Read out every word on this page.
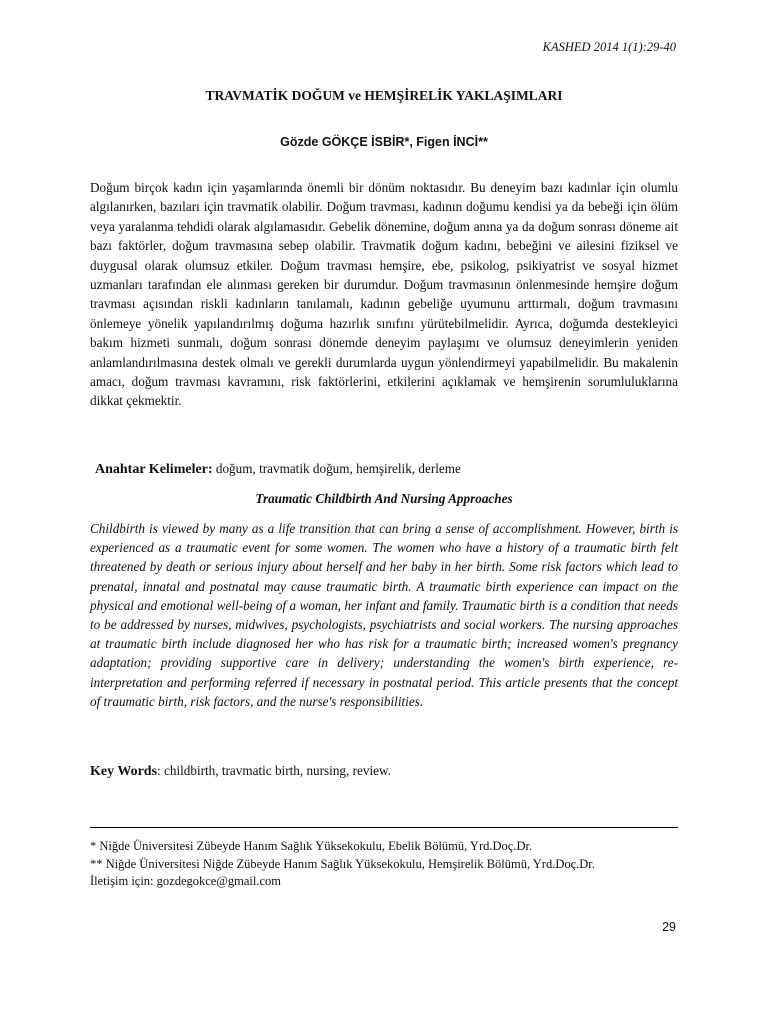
KASHED 2014 1(1):29-40
TRAVMATİK DOĞUM ve HEMŞİRELİK YAKLAŞIMLARI
Gözde GÖKÇE İSBİR*, Figen İNCİ**

Doğum birçok kadın için yaşamlarında önemli bir dönüm noktasıdır. Bu deneyim bazı kadınlar için olumlu algılanırken, bazıları için travmatik olabilir. Doğum travması, kadının doğumu kendisi ya da bebeği için ölüm veya yaralanma tehdidi olarak algılamasıdır. Gebelik dönemine, doğum anına ya da doğum sonrası döneme ait bazı faktörler, doğum travmasına sebep olabilir. Travmatik doğum kadını, bebeğini ve ailesini fiziksel ve duygusal olarak olumsuz etkiler. Doğum travması hemşire, ebe, psikolog, psikiyatrist ve sosyal hizmet uzmanları tarafından ele alınması gereken bir durumdur. Doğum travmasının önlenmesinde hemşire doğum travması açısından riskli kadınların tanılamalı, kadının gebeliğe uyumunu arttırmalı, doğum travmasını önlemeye yönelik yapılandırılmış doğuma hazırlık sınıfını yürütebilmelidir. Ayrıca, doğumda destekleyici bakım hizmeti sunmalı, doğum sonrası dönemde deneyim paylaşımı ve olumsuz deneyimlerin yeniden anlamlandırılmasına destek olmalı ve gerekli durumlarda uygun yönlendirmeyi yapabilmelidir. Bu makalenin amacı, doğum travması kavramını, risk faktörlerini, etkilerini açıklamak ve hemşirenin sorumluluklarına dikkat çekmektir.

Anahtar Kelimeler: doğum, travmatik doğum, hemşirelik, derleme

Traumatic Childbirth And Nursing Approaches

Childbirth is viewed by many as a life transition that can bring a sense of accomplishment. However, birth is experienced as a traumatic event for some women. The women who have a history of a traumatic birth felt threatened by death or serious injury about herself and her baby in her birth. Some risk factors which lead to prenatal, innatal and postnatal may cause traumatic birth. A traumatic birth experience can impact on the physical and emotional well-being of a woman, her infant and family. Traumatic birth is a condition that needs to be addressed by nurses, midwives, psychologists, psychiatrists and social workers. The nursing approaches at traumatic birth include diagnosed her who has risk for a traumatic birth; increased women's pregnancy adaptation; providing supportive care in delivery; understanding the women's birth experience, re-interpretation and performing referred if necessary in postnatal period. This article presents that the concept of traumatic birth, risk factors, and the nurse's responsibilities.

Key Words: childbirth, travmatic birth, nursing, review.

* Niğde Üniversitesi Zübeyde Hanım Sağlık Yüksekokulu, Ebelik Bölümü, Yrd.Doç.Dr.
** Niğde Üniversitesi Niğde Zübeyde Hanım Sağlık Yüksekokulu, Hemşirelik Bölümü, Yrd.Doç.Dr.
İletişim için: gozdegokce@gmail.com
29
